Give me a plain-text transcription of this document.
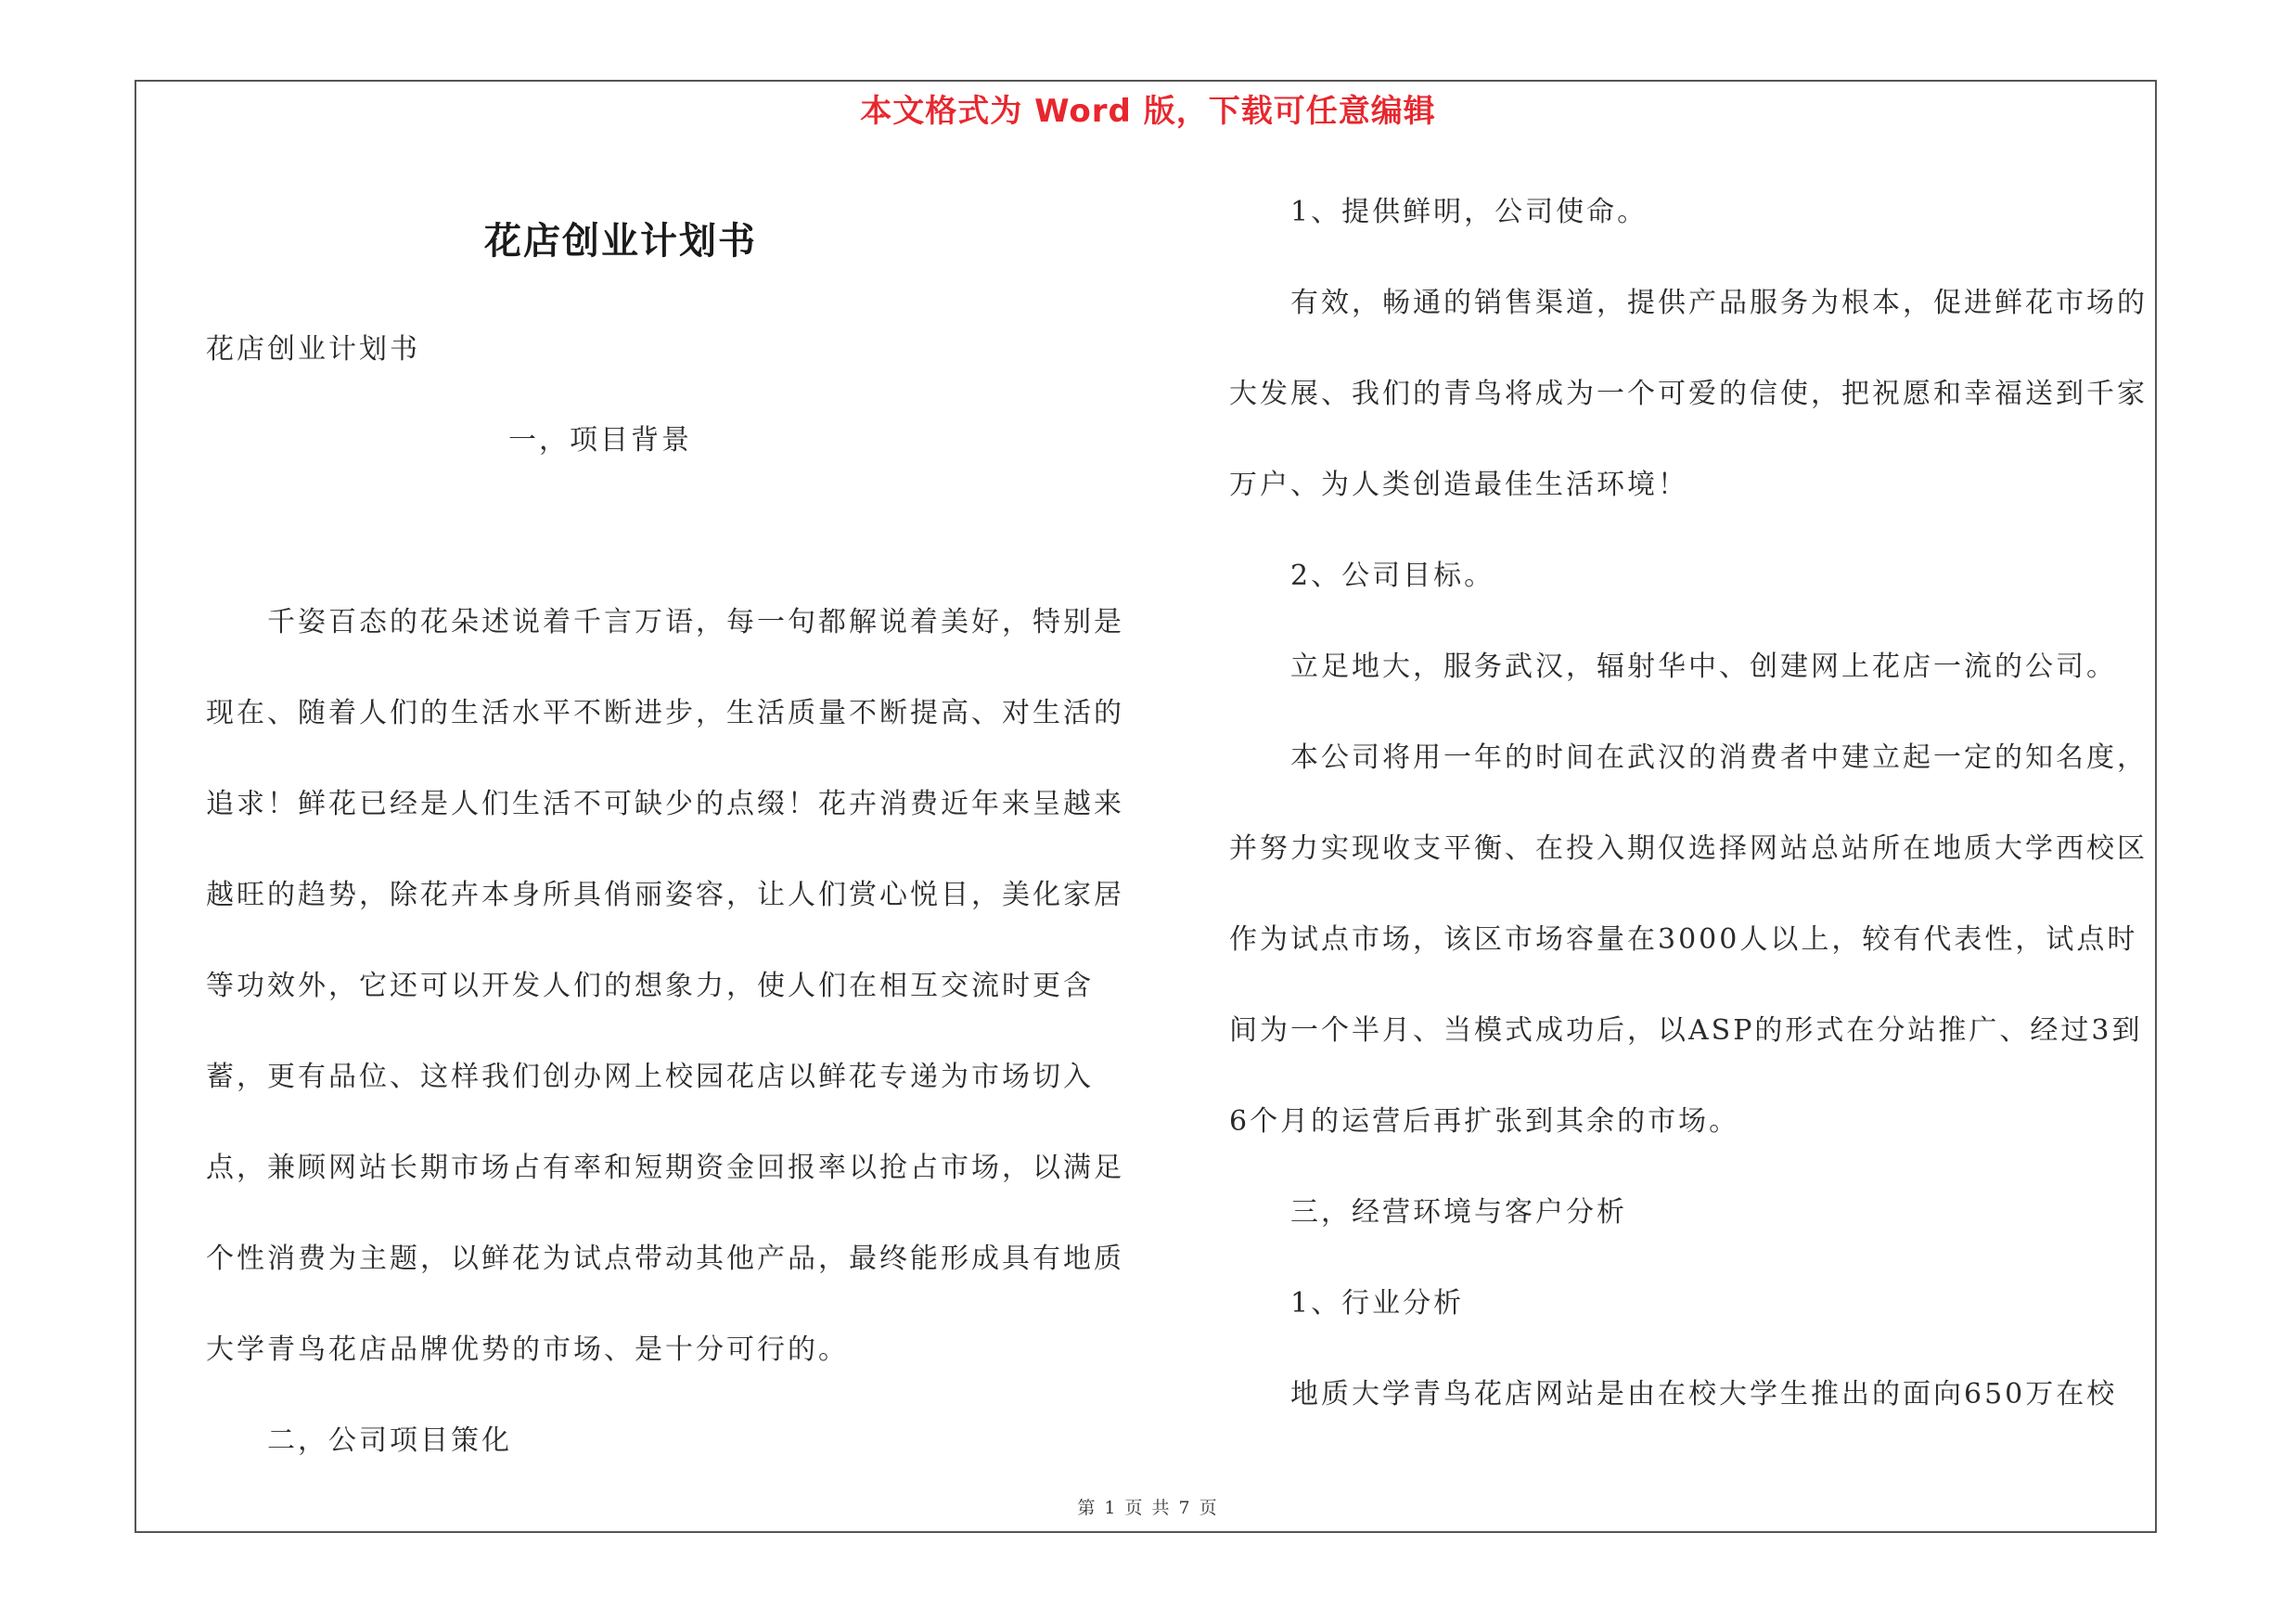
本文格式为 Word 版，下载可任意编辑
花店创业计划书
花店创业计划书
一，项目背景

千姿百态的花朵述说着千言万语，每一句都解说着美好，特别是现在、随着人们的生活水平不断进步，生活质量不断提高、对生活的追求！鲜花已经是人们生活不可缺少的点缀！花卉消费近年来呈越来越旺的趋势，除花卉本身所具俏丽姿容，让人们赏心悦目，美化家居等功效外，它还可以开发人们的想象力，使人们在相互交流时更含蓄，更有品位、这样我们创办网上校园花店以鲜花专递为市场切入点，兼顾网站长期市场占有率和短期资金回报率以抢占市场，以满足个性消费为主题，以鲜花为试点带动其他产品，最终能形成具有地质大学青鸟花店品牌优势的市场、是十分可行的。

二，公司项目策化

1、提供鲜明，公司使命。

有效，畅通的销售渠道，提供产品服务为根本，促进鲜花市场的大发展、我们的青鸟将成为一个可爱的信使，把祝愿和幸福送到千家万户、为人类创造最佳生活环境！

2、公司目标。

立足地大，服务武汉，辐射华中、创建网上花店一流的公司。

本公司将用一年的时间在武汉的消费者中建立起一定的知名度，并努力实现收支平衡、在投入期仅选择网站总站所在地质大学西校区作为试点市场，该区市场容量在3000人以上，较有代表性，试点时间为一个半月、当模式成功后，以ASP的形式在分站推广、经过3到6个月的运营后再扩张到其余的市场。

三，经营环境与客户分析

1、行业分析

地质大学青鸟花店网站是由在校大学生推出的面向650万在校

第 1 页 共 7 页
